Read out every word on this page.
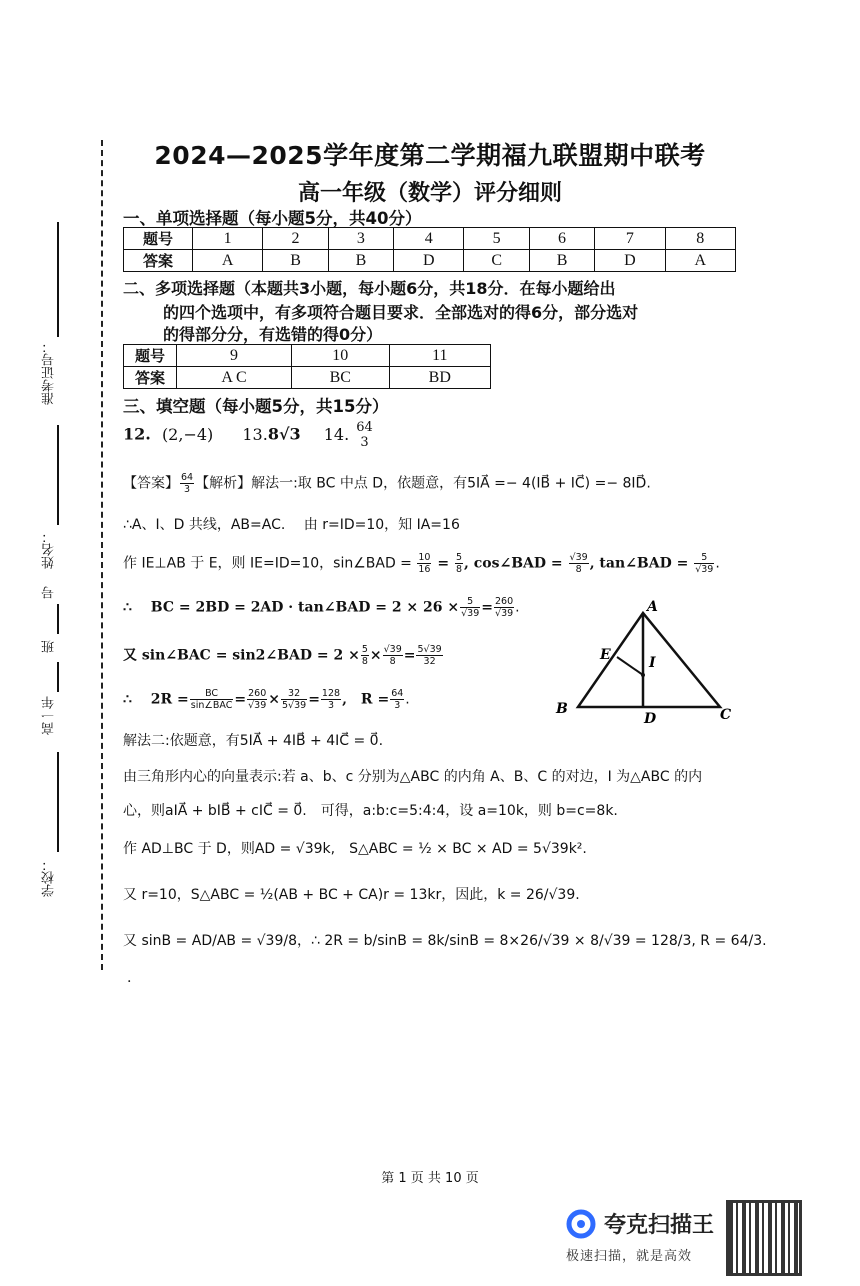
准考证号：
姓名：
号
班
高一年
学校：
2024—2025学年度第二学期福九联盟期中联考
高一年级（数学）评分细则
一、单项选择题（每小题5分，共40分）
题号	1	2	3	4	5	6	7	8
答案	A	B	B	D	C	B	D	A
二、多项选择题（本题共3小题，每小题6分，共18分．在每小题给出
的四个选项中，有多项符合题目要求．全部选对的得6分，部分选对
的得部分分，有选错的得0分）
题号	9	10	11
答案	A C	BC	BD
三、填空题（每小题5分，共15分）
12. (2,−4) 13.8√3 14. 64
3
【答案】 $\frac{64}{3}$ 【解析】解法一:取 BC 中点 D，依题意，有5IA⃗ =− 4(IB⃗ + IC⃗) =− 8ID⃗.
∴A、I、D 共线，AB=AC.　 由 r=ID=10，知 IA=16
作 IE⊥AB 于 E，则 IE=ID=10，sin∠BAD = $\frac{10}{16} = \frac{5}{8}$ , cos∠BAD = $\frac{√39}{8}$ , tan∠BAD = $\frac{5}{√39}$ .
∴　 BC = 2BD = 2AD · tan∠BAD = $2 \times 26 \times \frac{5}{√39} = \frac{260}{√39}$ .
又 sin∠BAC = sin2∠BAD = $2 \times \frac{5}{8} \times \frac{√39}{8} = \frac{5√39}{32}$
∴　 $2R = \frac{BC}{\text{sin∠BAC}} = \frac{260}{√39} \times \frac{32}{5√39} = \frac{128}{3}$ ,　$R = \frac{64}{3}$ .
解法二:依题意，有5IA⃗ + 4IB⃗ + 4IC⃗ = 0⃗.
由三角形内心的向量表示:若 a、b、c 分别为△ABC 的内角 A、B、C 的对边，I 为△ABC 的内
心，则aIA⃗ + bIB⃗ + cIC⃗ = 0⃗.　可得，a:b:c=5:4:4，设 a=10k，则 b=c=8k.
作 AD⊥BC 于 D，则AD = √39k,　S△ABC = ½ × BC × AD = 5√39k².
又 r=10，S△ABC = ½(AB + BC + CA)r = 13kr，因此，k = 26/√39.
又 sinB = AD/AB = √39/8，∴ 2R = b/sinB = 8k/sinB = 8×26/√39 × 8/√39 = 128/3, R = 64/3.
.
A
B	C
D
E	I
第 1 页 共 10 页
夸克扫描王
极速扫描，就是高效
